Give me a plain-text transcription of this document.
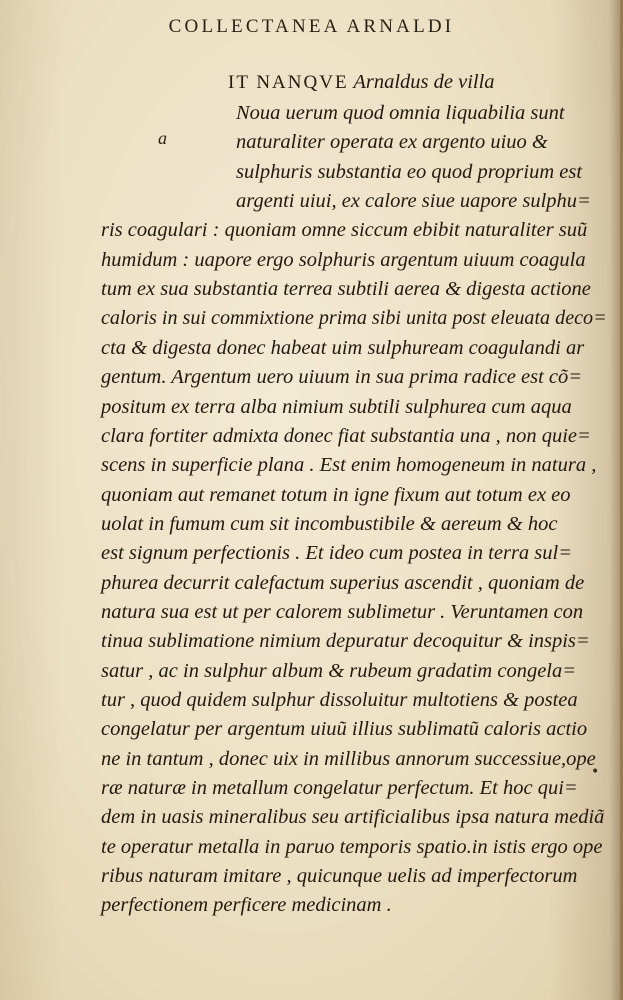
COLLECTANEA ARNALDI
a
•
IT NANQVE Arnaldus de villa
Noua uerum quod omnia liquabilia sunt
naturaliter operata ex argento uiuo &
sulphuris substantia eo quod proprium est
argenti uiui, ex calore siue uapore sulphu=
ris coagulari : quoniam omne siccum ebibit naturaliter suũ
humidum : uapore ergo solphuris argentum uiuum coagula
tum ex sua substantia terrea subtili aerea & digesta actione
caloris in sui commixtione prima sibi unita post eleuata deco=
cta & digesta donec habeat uim sulphuream coagulandi ar
gentum. Argentum uero uiuum in sua prima radice est cõ=
positum ex terra alba nimium subtili sulphurea cum aqua
clara fortiter admixta donec fiat substantia una , non quie=
scens in superficie plana . Est enim homogeneum in natura ,
quoniam aut remanet totum in igne fixum aut totum ex eo
uolat in fumum cum sit incombustibile & aereum & hoc
est signum perfectionis . Et ideo cum postea in terra sul=
phurea decurrit calefactum superius ascendit , quoniam de
natura sua est ut per calorem sublimetur . Veruntamen con
tinua sublimatione nimium depuratur decoquitur & inspis=
satur , ac in sulphur album & rubeum gradatim congela=
tur , quod quidem sulphur dissoluitur multotiens & postea
congelatur per argentum uiuũ illius sublimatũ caloris actio
ne in tantum , donec uix in millibus annorum successiue,ope
ræ naturæ in metallum congelatur perfectum. Et hoc qui=
dem in uasis mineralibus seu artificialibus ipsa natura mediã
te operatur metalla in paruo temporis spatio.in istis ergo ope
ribus naturam imitare , quicunque uelis ad imperfectorum
perfectionem perficere medicinam .
